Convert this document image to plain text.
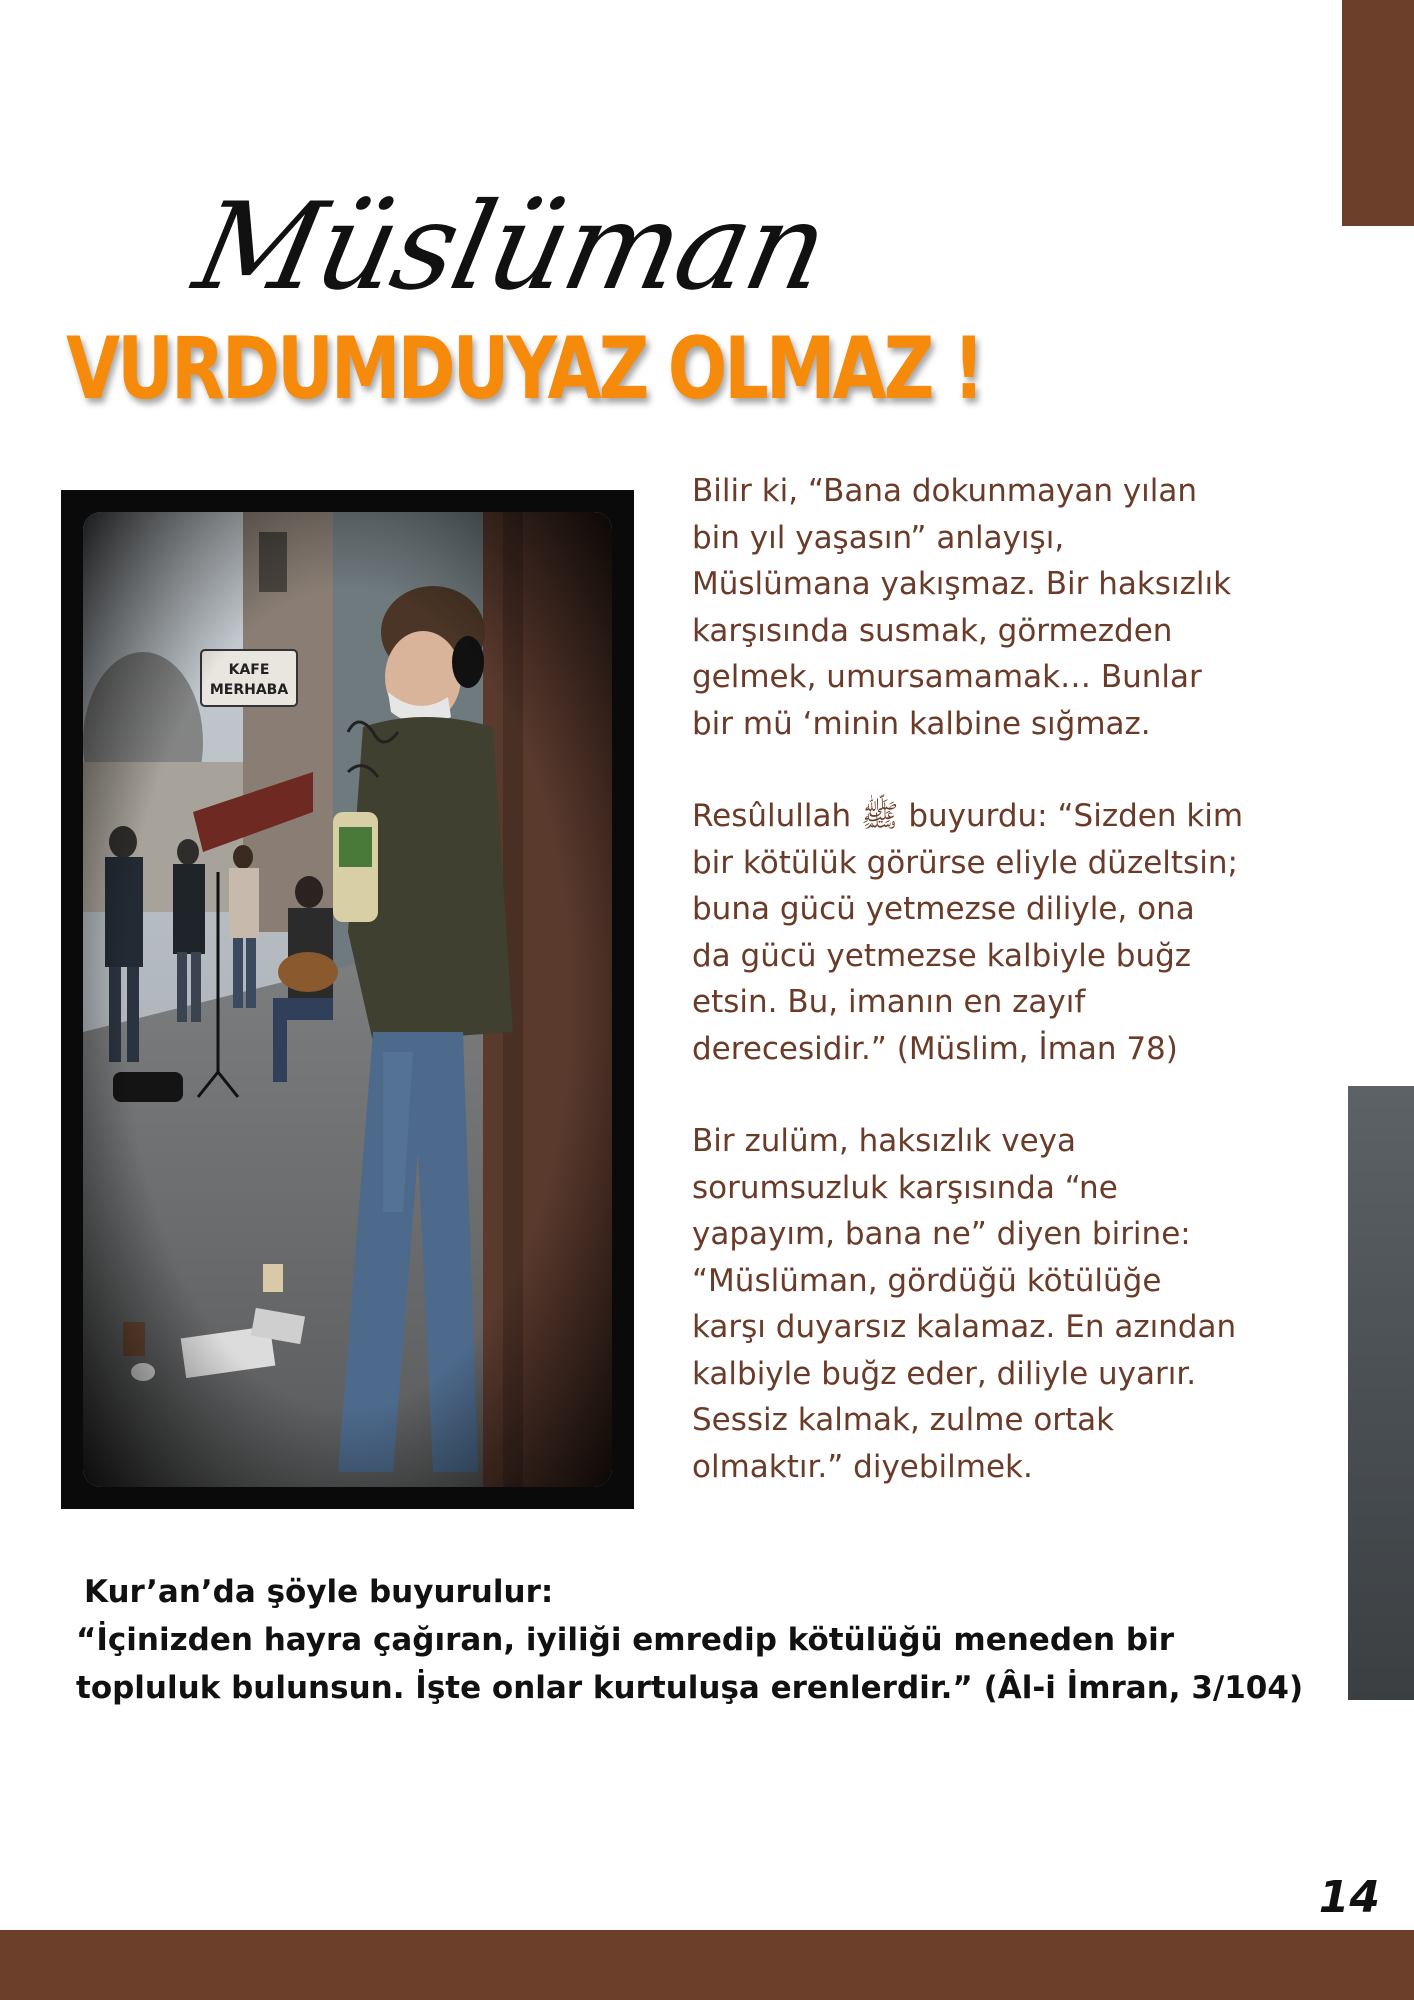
Müslüman
VURDUMDUYAZ OLMAZ !

Bilir ki, “Bana dokunmayan yılan
bin yıl yaşasın” anlayışı,
Müslümana yakışmaz. Bir haksızlık
karşısında susmak, görmezden
gelmek, umursamamak… Bunlar
bir mü ‘minin kalbine sığmaz.

Resûlullah ﷺ buyurdu: “Sizden kim
bir kötülük görürse eliyle düzeltsin;
buna gücü yetmezse diliyle, ona
da gücü yetmezse kalbiyle buğz
etsin. Bu, imanın en zayıf
derecesidir.” (Müslim, İman 78)

Bir zulüm, haksızlık veya
sorumsuzluk karşısında “ne
yapayım, bana ne” diyen birine:
“Müslüman, gördüğü kötülüğe
karşı duyarsız kalamaz. En azından
kalbiyle buğz eder, diliyle uyarır.
Sessiz kalmak, zulme ortak
olmaktır.” diyebilmek.

Kur’an’da şöyle buyurulur:
“İçinizden hayra çağıran, iyiliği emredip kötülüğü meneden bir
topluluk bulunsun. İşte onlar kurtuluşa erenlerdir.” (Âl-i İmran, 3/104)
14
